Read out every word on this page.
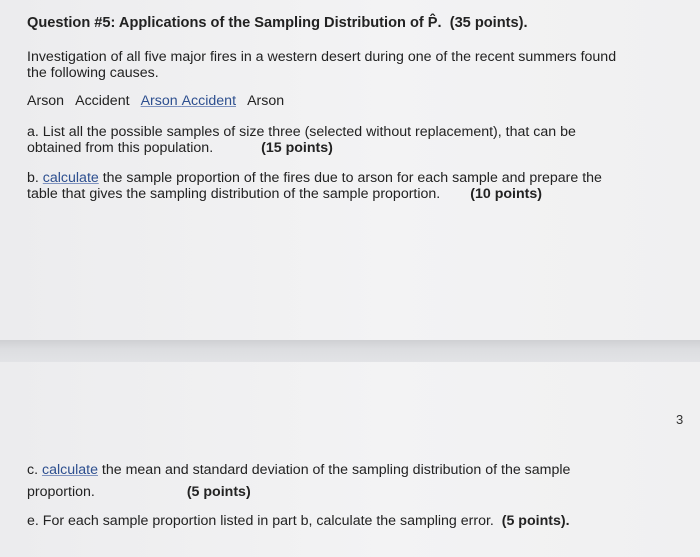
Question #5: Applications of the Sampling Distribution of P̂. (35 points).
Investigation of all five major fires in a western desert during one of the recent summers found
the following causes.
Arson Accident Arson Accident Arson
a. List all the possible samples of size three (selected without replacement), that can be
obtained from this population.	(15 points)
b. calculate the sample proportion of the fires due to arson for each sample and prepare the
table that gives the sampling distribution of the sample proportion. (10 points)
3
c. calculate the mean and standard deviation of the sampling distribution of the sample
proportion.	(5 points)
e. For each sample proportion listed in part b, calculate the sampling error. (5 points).
